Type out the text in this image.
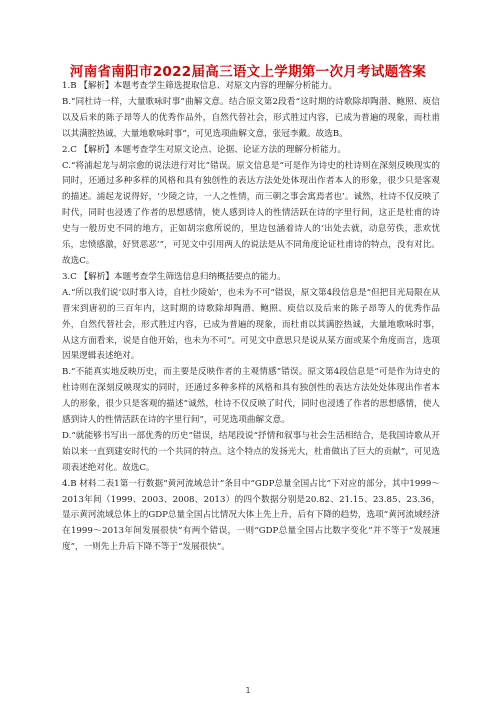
河南省南阳市2022届高三语文上学期第一次月考试题答案

1.B 【解析】本题考查学生筛选提取信息、对原文内容的理解分析能力。

B.“同杜诗一样，大量歌咏时事”曲解文意。结合原文第2段看“这时期的诗歌除却陶潜、鲍照、庾信以及后来的陈子昂等人的优秀作品外，自然代替社会，形式胜过内容，已成为普遍的现象，而杜甫以其满腔热诚，大量地歌咏时事”，可见选项曲解文意，张冠李戴。故选B。

2.C 【解析】本题考查学生对原文论点、论据、论证方法的理解分析能力。

C.“将浦起龙与胡宗愈的说法进行对比”错误。原文信息是“可是作为诗史的杜诗则在深刻反映现实的同时，还通过多种多样的风格和具有独创性的表达方法处处体现出作者本人的形象，很少只是客观的描述。浦起龙说得好，‘少陵之诗，一人之性情，而三朝之事会寓焉者也’。诚然，杜诗不仅反映了时代，同时也浸透了作者的思想感情，使人感到诗人的性情活跃在诗的字里行间，这正是杜甫的诗史与一般历史不同的地方，正如胡宗愈所说的，里边包涵着诗人的‘出处去就，动息劳佚，悲欢忧乐，忠愤感激，好贤恶恶’”，可见文中引用两人的说法是从不同角度论证杜甫诗的特点，没有对比。故选C。

3.C 【解析】本题考查学生筛选信息归纳概括要点的能力。

A.“所以我们说‘以时事入诗，自杜少陵始’，也未为不可”错误，原文第4段信息是“但把目光局限在从晋宋到唐初的三百年内，这时期的诗歌除却陶潜、鲍照、庾信以及后来的陈子昂等人的优秀作品外，自然代替社会，形式胜过内容，已成为普遍的现象，而杜甫以其满腔热诚，大量地歌咏时事，从这方面看来，说是自他开始，也未为不可”。可见文中意思只是说从某方面或某个角度而言，选项因果逻辑表述绝对。

B.“不能真实地反映历史，而主要是反映作者的主观情感”错误。原文第4段信息是“可是作为诗史的杜诗则在深刻反映现实的同时，还通过多种多样的风格和具有独创性的表达方法处处体现出作者本人的形象，很少只是客观的描述”诚然，杜诗不仅反映了时代，同时也浸透了作者的思想感情，使人感到诗人的性情活跃在诗的字里行间”，可见选项曲解文意。

D.“就能够书写出一部优秀的历史”错误，结尾段说“抒情和叙事与社会生活相结合，是我国诗歌从开始以来一直到建安时代的一个共同的特点。这个特点的发扬光大，杜甫做出了巨大的贡献”，可见选项表述绝对化。故选C。

4.B 材料二表1第一行数据“黄河流域总计”条目中“GDP总量全国占比”下对应的部分，其中1999～2013年间（1999、2003、2008、2013）的四个数据分别是20.82、21.15、23.85、23.36，显示黄河流域总体上的GDP总量全国占比情况大体上先上升，后有下降的趋势，选项“黄河流域经济在1999～2013年间发展很快”有两个错误，一则“GDP总量全国占比数字变化”并不等于“发展速度”，一则先上升后下降不等于“发展很快”。

1
